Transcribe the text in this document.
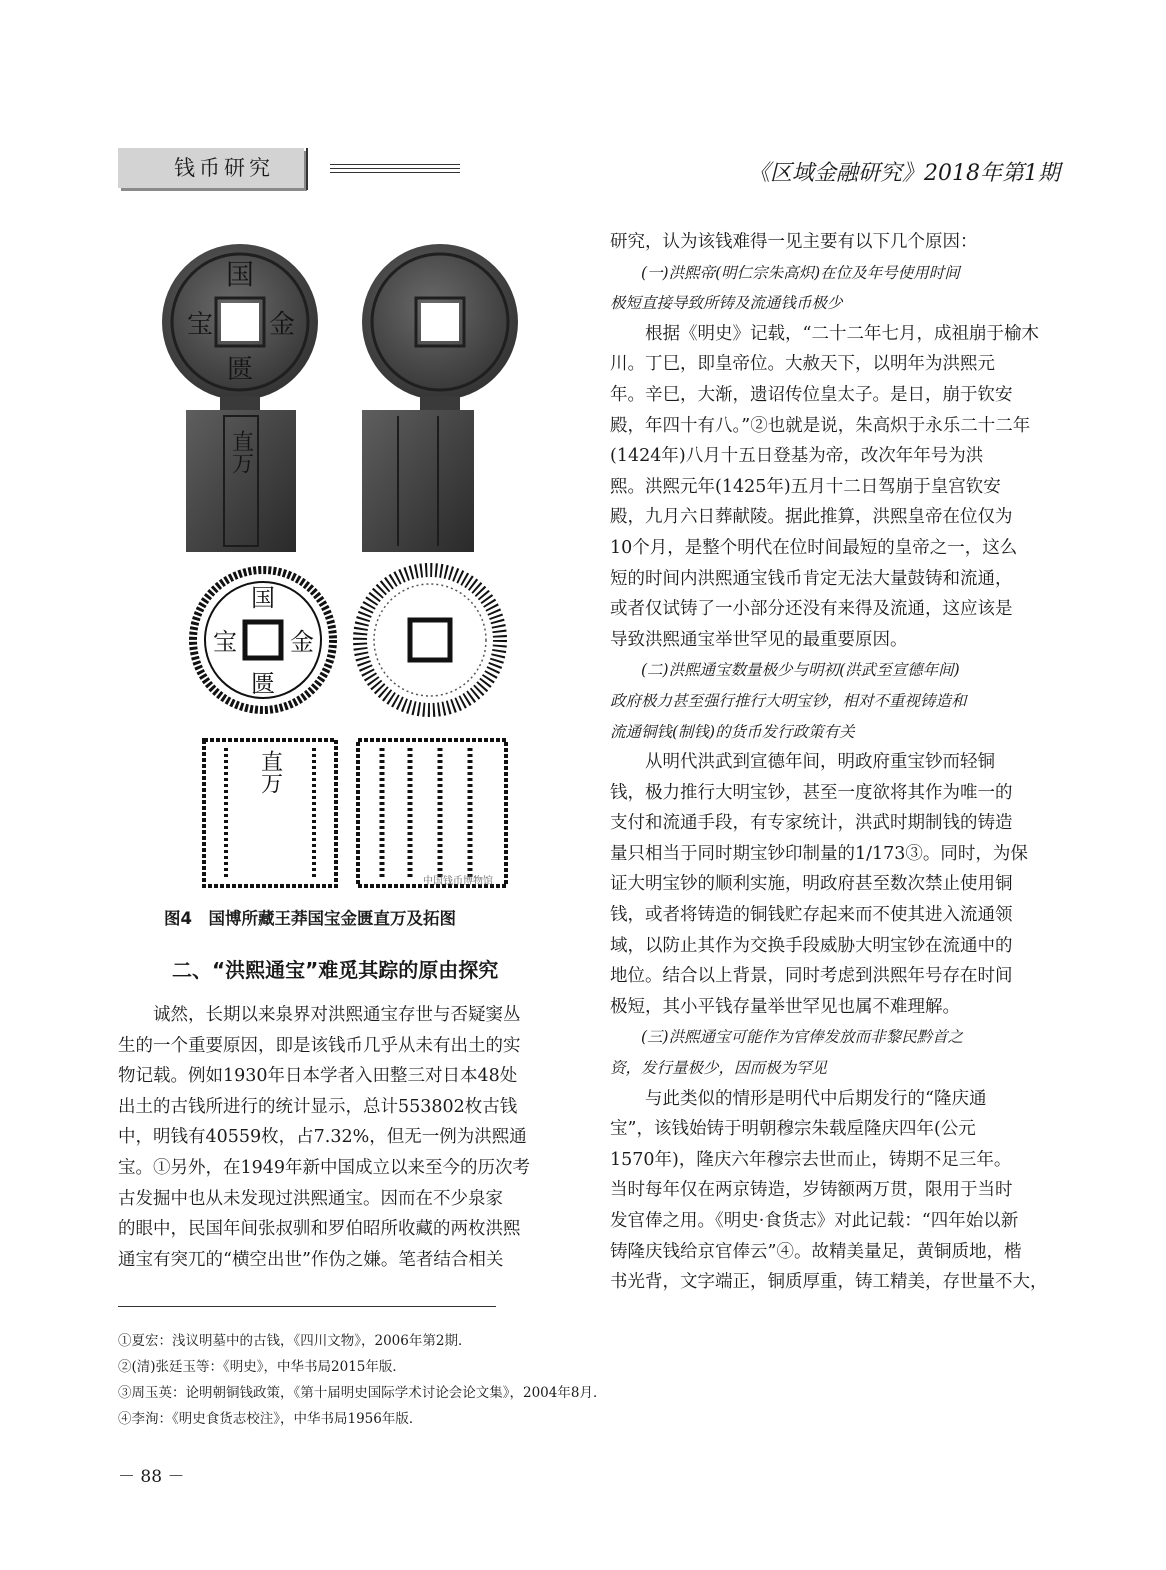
钱币研究	《区域金融研究》2018年第1期
国
宝 金
匮
直万
国
宝 金
匮
直万
中国钱币博物馆
图4　国博所藏王莽国宝金匮直万及拓图
二、“洪熙通宝”难觅其踪的原由探究

　　诚然，长期以来泉界对洪熙通宝存世与否疑窦丛

生的一个重要原因，即是该钱币几乎从未有出土的实

物记载。例如1930年日本学者入田整三对日本48处

出土的古钱所进行的统计显示，总计553802枚古钱

中，明钱有40559枚，占7.32%，但无一例为洪熙通

宝。①另外，在1949年新中国成立以来至今的历次考

古发掘中也从未发现过洪熙通宝。因而在不少泉家

的眼中，民国年间张叔驯和罗伯昭所收藏的两枚洪熙

通宝有突兀的“横空出世”作伪之嫌。笔者结合相关

研究，认为该钱难得一见主要有以下几个原因：

　　(一)洪熙帝(明仁宗朱高炽)在位及年号使用时间

极短直接导致所铸及流通钱币极少

　　根据《明史》记载，“二十二年七月，成祖崩于榆木

川。丁巳，即皇帝位。大赦天下，以明年为洪熙元

年。辛巳，大渐，遗诏传位皇太子。是日，崩于钦安

殿，年四十有八。”②也就是说，朱高炽于永乐二十二年

(1424年)八月十五日登基为帝，改次年年号为洪

熙。洪熙元年(1425年)五月十二日驾崩于皇宫钦安

殿，九月六日葬献陵。据此推算，洪熙皇帝在位仅为

10个月，是整个明代在位时间最短的皇帝之一，这么

短的时间内洪熙通宝钱币肯定无法大量鼓铸和流通，

或者仅试铸了一小部分还没有来得及流通，这应该是

导致洪熙通宝举世罕见的最重要原因。

　　(二)洪熙通宝数量极少与明初(洪武至宣德年间)

政府极力甚至强行推行大明宝钞，相对不重视铸造和

流通铜钱(制钱)的货币发行政策有关

　　从明代洪武到宣德年间，明政府重宝钞而轻铜

钱，极力推行大明宝钞，甚至一度欲将其作为唯一的

支付和流通手段，有专家统计，洪武时期制钱的铸造

量只相当于同时期宝钞印制量的1/173③。同时，为保

证大明宝钞的顺利实施，明政府甚至数次禁止使用铜

钱，或者将铸造的铜钱贮存起来而不使其进入流通领

域，以防止其作为交换手段威胁大明宝钞在流通中的

地位。结合以上背景，同时考虑到洪熙年号存在时间

极短，其小平钱存量举世罕见也属不难理解。

　　(三)洪熙通宝可能作为官俸发放而非黎民黔首之

资，发行量极少，因而极为罕见

　　与此类似的情形是明代中后期发行的“隆庆通

宝”，该钱始铸于明朝穆宗朱载垕隆庆四年(公元

1570年)，隆庆六年穆宗去世而止，铸期不足三年。

当时每年仅在两京铸造，岁铸额两万贯，限用于当时

发官俸之用。《明史·食货志》对此记载：“四年始以新

铸隆庆钱给京官俸云”④。故精美量足，黄铜质地，楷

书光背，文字端正，铜质厚重，铸工精美，存世量不大，

①夏宏：浅议明墓中的古钱，《四川文物》，2006年第2期．

②(清)张廷玉等：《明史》，中华书局2015年版．

③周玉英：论明朝铜钱政策，《第十届明史国际学术讨论会论文集》，2004年8月．

④李洵：《明史食货志校注》，中华书局1956年版．

－ 88 －
